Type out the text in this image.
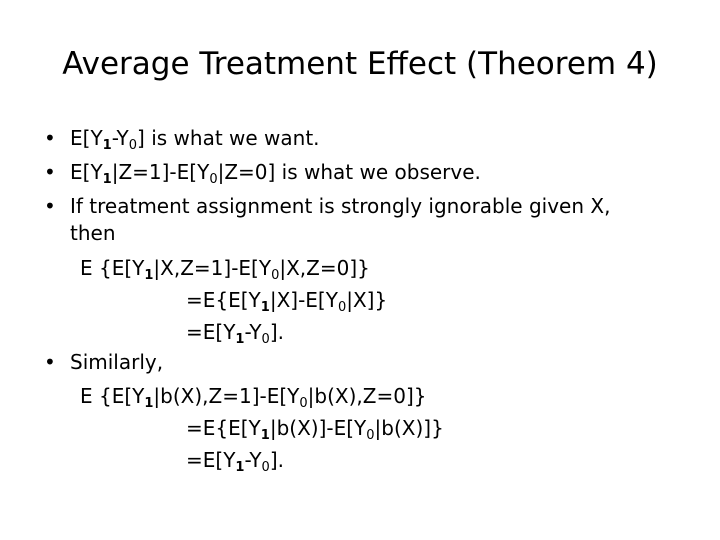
Average Treatment Effect (Theorem 4)
• $E[Y_1-Y_0]$ is what we want.
• $E[Y_1|Z=1]-E[Y_0|Z=0]$ is what we observe.
• If treatment assignment is strongly ignorable given X,
then
E $\{E[Y_1|X,Z=1]-E[Y_0|X,Z=0]\}$
$=E\{E[Y_1|X]-E[Y_0|X]\}$
$=E[Y_1-Y_0]$.
• Similarly,
E $\{E[Y_1|b(X),Z=1]-E[Y_0|b(X),Z=0]\}$
$=E\{E[Y_1|b(X)]-E[Y_0|b(X)]\}$
$=E[Y_1-Y_0]$.
